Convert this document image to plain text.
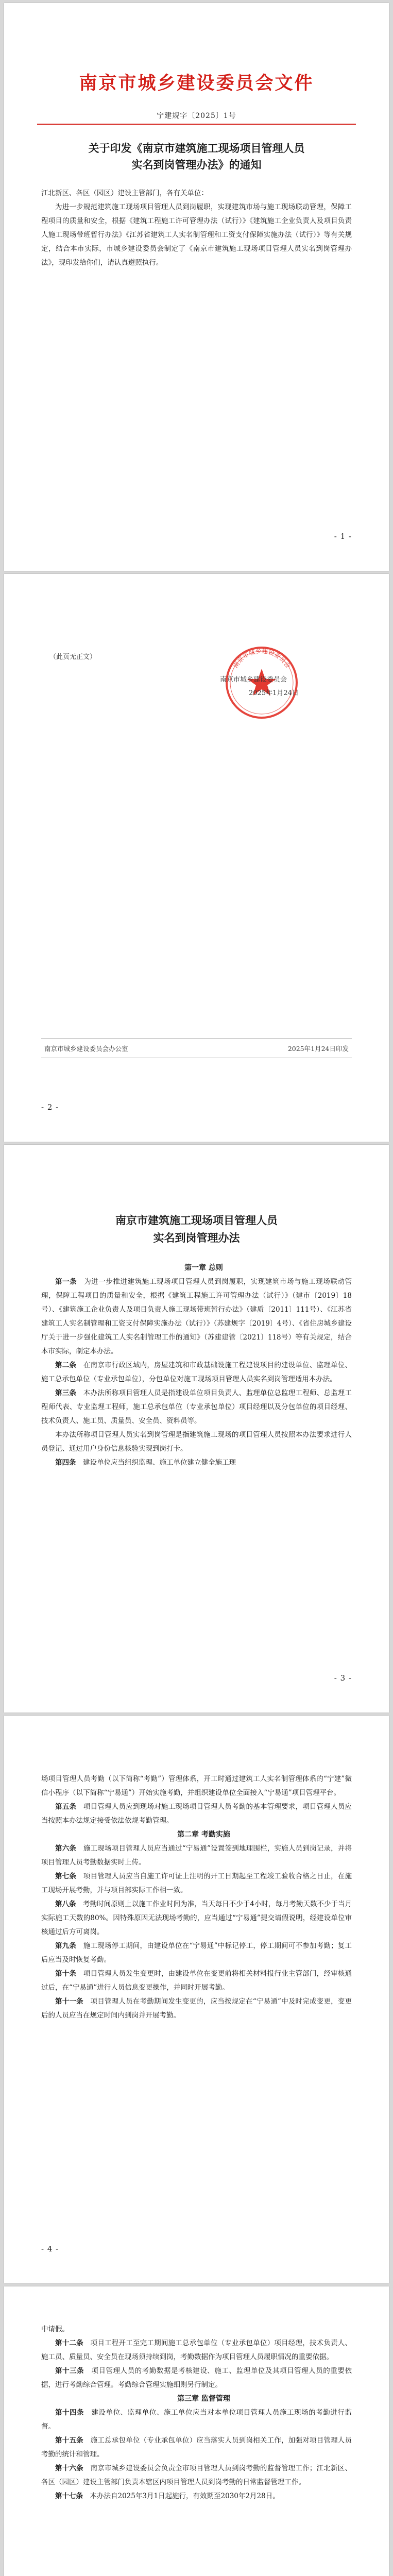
南京市城乡建设委员会文件
宁建规字〔2025〕1号
关于印发《南京市建筑施工现场项目管理人员
实名到岗管理办法》的通知

江北新区、各区（园区）建设主管部门，各有关单位：

为进一步规范建筑施工现场项目管理人员到岗履职，实现建筑市场与施工现场联动管理，保障工程项目的质量和安全，根据《建筑工程施工许可管理办法（试行）》《建筑施工企业负责人及项目负责人施工现场带班暂行办法》《江苏省建筑工人实名制管理和工资支付保障实施办法（试行）》等有关规定，结合本市实际，市城乡建设委员会制定了《南京市建筑施工现场项目管理人员实名到岗管理办法》，现印发给你们，请认真遵照执行。

- 1 -
（此页无正文）
南京市城乡建设委员会
南京市城乡建设委员会
2025年1月24日
南京市城乡建设委员会办公室	2025年1月24日印发
- 2 -
南京市建筑施工现场项目管理人员
实名到岗管理办法

第一章 总则

第一条　 为进一步推进建筑施工现场项目管理人员到岗履职，实现建筑市场与施工现场联动管理，保障工程项目的质量和安全，根据《建筑工程施工许可管理办法（试行）》（建市〔2019〕18号）、《建筑施工企业负责人及项目负责人施工现场带班暂行办法》（建质〔2011〕111号）、《江苏省建筑工人实名制管理和工资支付保障实施办法（试行）》（苏建规字〔2019〕4号）、《省住房城乡建设厅关于进一步强化建筑工人实名制管理工作的通知》（苏建建管〔2021〕118号）等有关规定，结合本市实际，制定本办法。

第二条　 在南京市行政区域内，房屋建筑和市政基础设施工程建设项目的建设单位、监理单位、施工总承包单位（专业承包单位），分包单位对施工现场项目管理人员实名到岗管理适用本办法。

第三条　 本办法所称项目管理人员是指建设单位项目负责人、监理单位总监理工程师、总监理工程师代表、专业监理工程师，施工总承包单位（专业承包单位）项目经理以及分包单位的项目经理、技术负责人、施工员、质量员、安全员、资料员等。

本办法所称项目管理人员实名到岗管理是指建筑施工现场的项目管理人员按照本办法要求进行人员登记、通过用户身份信息核验实现到岗打卡。

第四条　 建设单位应当组织监理、施工单位建立健全施工现

- 3 -

场项目管理人员考勤（以下简称“考勤”）管理体系，开工时通过建筑工人实名制管理体系的“宁建”微信小程序（以下简称“宁易通”）开始实施考勤，并组织建设单位全面接入“宁易通”项目管理平台。

第五条　 项目管理人员应到现场对施工现场项目管理人员考勤的基本管理要求，项目管理人员应当按照本办法规定接受依法依规考勤管理。

第二章 考勤实施

第六条　 施工现场项目管理人员应当通过“宁易通”设置签到地理围栏，实施人员到岗记录，并将项目管理人员考勤数据实时上传。

第七条　 项目管理人员应当自施工许可证上注明的开工日期起至工程竣工验收合格之日止，在施工现场开展考勤，并与项目部实际工作相一致。

第八条　 考勤时间原则上以施工作业时间为准，当天每日不少于4小时，每月考勤天数不少于当月实际施工天数的80%。因特殊原因无法现场考勤的，应当通过“宁易通”提交请假说明，经建设单位审核通过后方可离岗。

第九条　 施工现场停工期间，由建设单位在“宁易通”中标记停工，停工期间可不参加考勤；复工后应当及时恢复考勤。

第十条　 项目管理人员发生变更时，由建设单位在变更前将相关材料报行业主管部门，经审核通过后，在“宁易通”进行人员信息变更操作，并同时开展考勤。

第十一条　 项目管理人员在考勤期间发生变更的，应当按规定在“宁易通”中及时完成变更，变更后的人员应当在规定时间内到岗并开展考勤。

- 4 -

中请假。

第十二条　 项目工程开工至完工期间施工总承包单位（专业承包单位）项目经理，技术负责人、施工员、质量员、安全员在现场须持续到岗，考勤数据作为项目管理人员履职情况的重要依据。

第十三条　 项目管理人员的考勤数据是考核建设、施工、监理单位及其项目管理人员的重要依据，进行考勤综合管理。考勤综合管理实施细则另行制定。

第三章 监督管理

第十四条　 建设单位、监理单位、施工单位应当对本单位项目管理人员施工现场的考勤进行监督。

第十五条　 施工总承包单位（专业承包单位）应当落实人员到岗相关工作，加强对项目管理人员考勤的统计和管理。

第十六条　 南京市城乡建设委员会负责全市项目管理人员到岗考勤的监督管理工作；江北新区、各区（园区）建设主管部门负责本辖区内项目管理人员到岗考勤的日常监督管理工作。

第十七条　 本办法自2025年3月1日起施行，有效期至2030年2月28日。
